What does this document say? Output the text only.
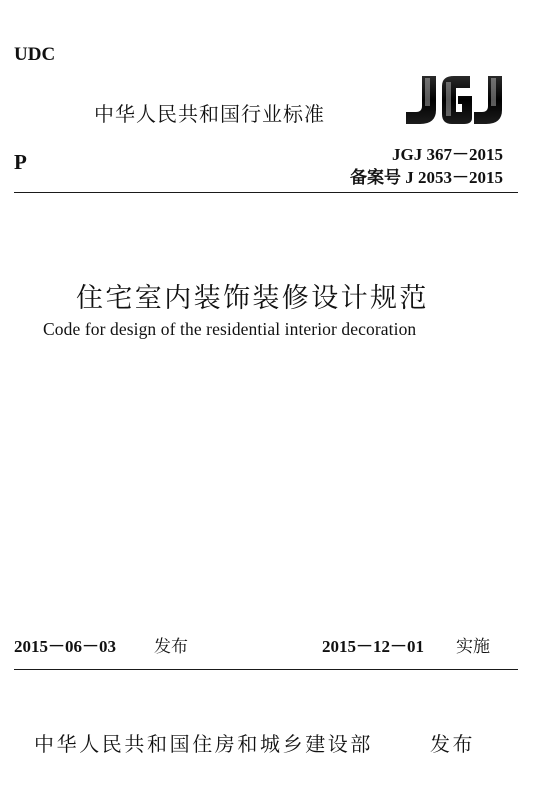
UDC
中华人民共和国行业标准
P	JGJ 367－2015
备案号 J 2053－2015
住宅室内装饰装修设计规范
Code for design of the residential interior decoration
2015－06－03 发布	2015－12－01 实施
中华人民共和国住房和城乡建设部	发布
